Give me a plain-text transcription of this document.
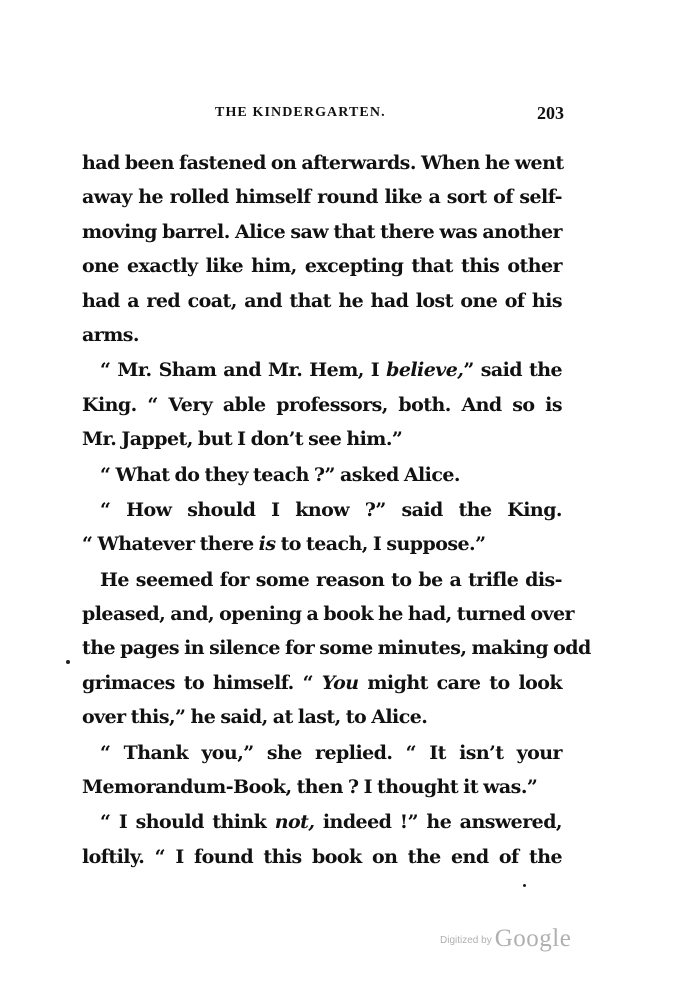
THE KINDERGARTEN.	203
had been fastened on afterwards. When he went
away he rolled himself round like a sort of self-
moving barrel. Alice saw that there was another
one exactly like him, excepting that this other
had a red coat, and that he had lost one of his
arms.
“ Mr. Sham and Mr. Hem, I believe,” said the
King. “ Very able professors, both. And so is
Mr. Jappet, but I don’t see him.”
“ What do they teach ?” asked Alice.
“ How should I know ?” said the King.
“ Whatever there is to teach, I suppose.”
He seemed for some reason to be a trifle dis-
pleased, and, opening a book he had, turned over
the pages in silence for some minutes, making odd
grimaces to himself. “ You might care to look
over this,” he said, at last, to Alice.
“ Thank you,” she replied. “ It isn’t your
Memorandum-Book, then ? I thought it was.”
“ I should think not, indeed !” he answered,
loftily. “ I found this book on the end of the
Digitized by Google
